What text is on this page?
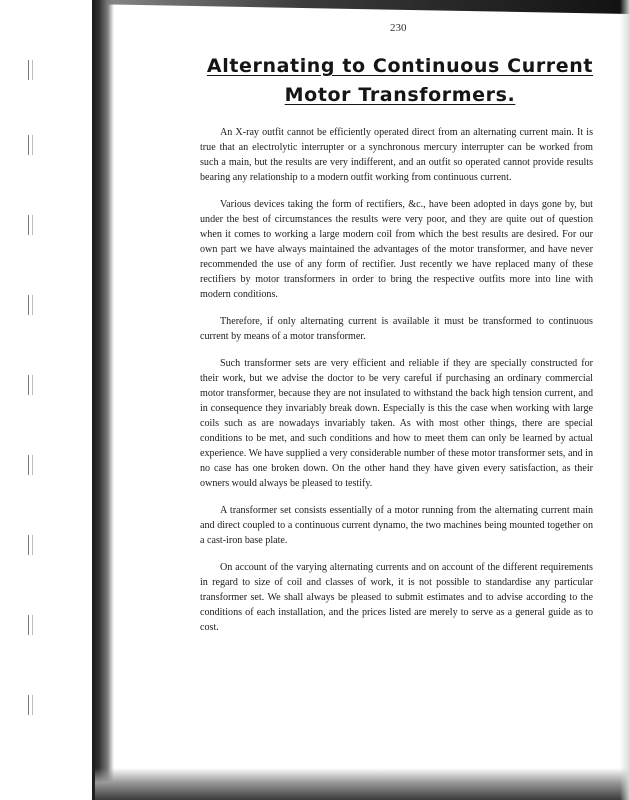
230
Alternating to Continuous Current
Motor Transformers.

An X-ray outfit cannot be efficiently operated direct from an alternating current main. It is true that an electrolytic interrupter or a synchronous mercury interrupter can be worked from such a main, but the results are very indifferent, and an outfit so operated cannot provide results bearing any relationship to a modern outfit working from continuous current.

Various devices taking the form of rectifiers, &c., have been adopted in days gone by, but under the best of circumstances the results were very poor, and they are quite out of question when it comes to working a large modern coil from which the best results are desired. For our own part we have always maintained the advantages of the motor transformer, and have never recommended the use of any form of rectifier. Just recently we have replaced many of these rectifiers by motor transformers in order to bring the respective outfits more into line with modern conditions.

Therefore, if only alternating current is available it must be transformed to continuous current by means of a motor transformer.

Such transformer sets are very efficient and reliable if they are specially constructed for their work, but we advise the doctor to be very careful if purchasing an ordinary commercial motor transformer, because they are not insulated to withstand the back high tension current, and in consequence they invariably break down. Especially is this the case when working with large coils such as are nowadays invariably taken. As with most other things, there are special conditions to be met, and such conditions and how to meet them can only be learned by actual experience. We have supplied a very considerable number of these motor transformer sets, and in no case has one broken down. On the other hand they have given every satisfaction, as their owners would always be pleased to testify.

A transformer set consists essentially of a motor running from the alternating current main and direct coupled to a continuous current dynamo, the two machines being mounted together on a cast-iron base plate.

On account of the varying alternating currents and on account of the different requirements in regard to size of coil and classes of work, it is not possible to standardise any particular transformer set. We shall always be pleased to submit estimates and to advise according to the conditions of each installation, and the prices listed are merely to serve as a general guide as to cost.
